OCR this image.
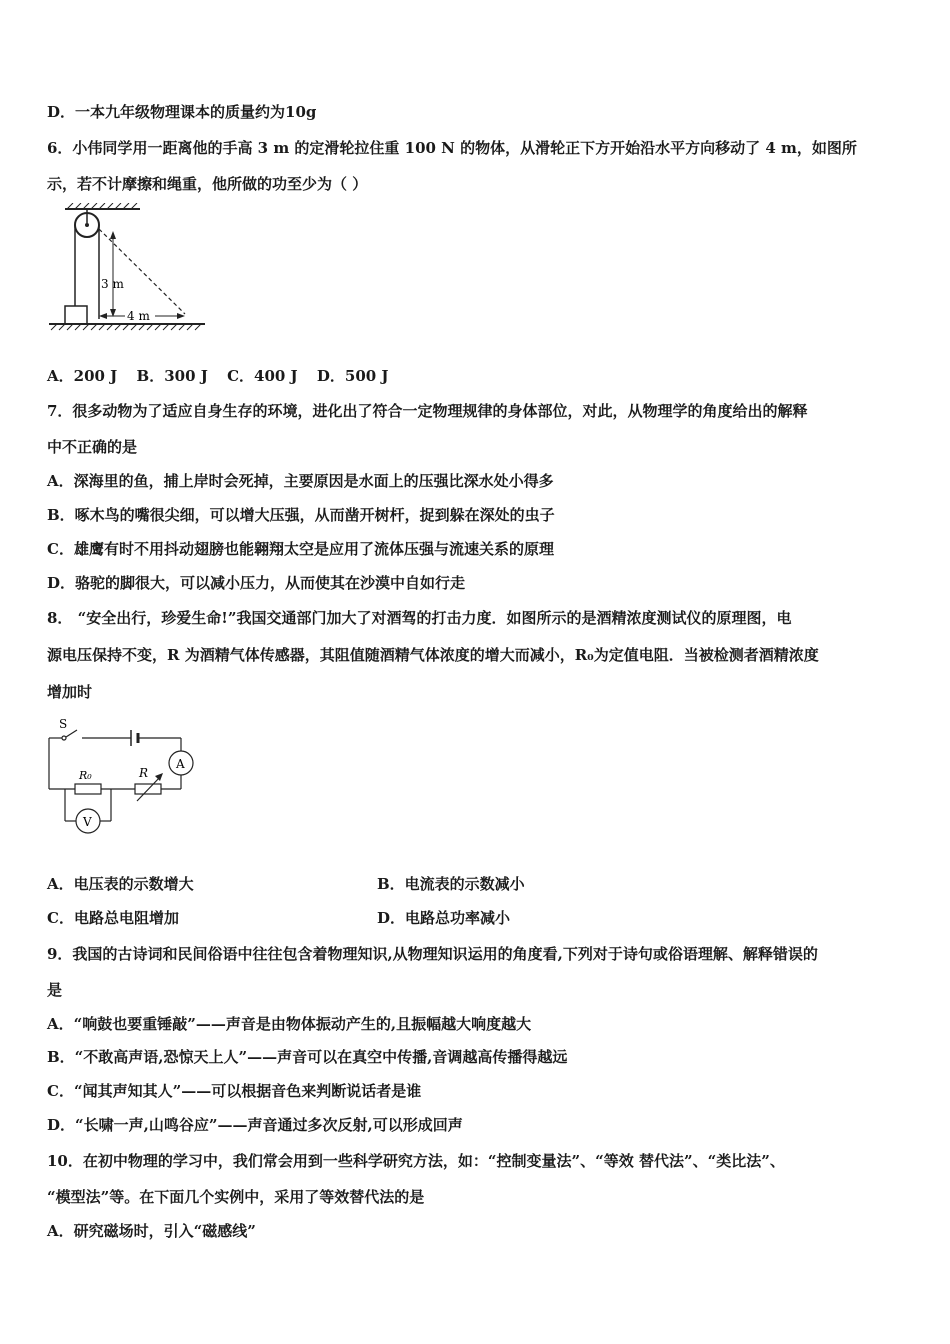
D．一本九年级物理课本的质量约为10g
6．小伟同学用一距离他的手高 3 m 的定滑轮拉住重 100 N 的物体，从滑轮正下方开始沿水平方向移动了 4 m，如图所
示，若不计摩擦和绳重，他所做的功至少为（ ）
3 m
4 m
A．200 J B．300 J C．400 J D．500 J
7．很多动物为了适应自身生存的环境，进化出了符合一定物理规律的身体部位，对此，从物理学的角度给出的解释
中不正确的是
A．深海里的鱼，捕上岸时会死掉，主要原因是水面上的压强比深水处小得多
B．啄木鸟的嘴很尖细，可以增大压强，从而凿开树杆，捉到躲在深处的虫子
C．雄鹰有时不用抖动翅膀也能翱翔太空是应用了流体压强与流速关系的原理
D．骆驼的脚很大，可以减小压力，从而使其在沙漠中自如行走
8． “安全出行，珍爱生命!”我国交通部门加大了对酒驾的打击力度．如图所示的是酒精浓度测试仪的原理图，电
源电压保持不变，R 为酒精气体传感器，其阻值随酒精气体浓度的增大而减小，R₀为定值电阻．当被检测者酒精浓度
增加时
S
A
R₀	R
V
A．电压表的示数增大	B．电流表的示数减小
C．电路总电阻增加	D．电路总功率减小
9．我国的古诗词和民间俗语中往往包含着物理知识,从物理知识运用的角度看,下列对于诗句或俗语理解、解释错误的
是
A．“响鼓也要重锤敲”——声音是由物体振动产生的,且振幅越大响度越大
B．“不敢高声语,恐惊天上人”——声音可以在真空中传播,音调越高传播得越远
C．“闻其声知其人”——可以根据音色来判断说话者是谁
D．“长啸一声,山鸣谷应”——声音通过多次反射,可以形成回声
10．在初中物理的学习中，我们常会用到一些科学研究方法，如：“控制变量法”、“等效 替代法”、“类比法”、
“模型法”等。在下面几个实例中，采用了等效替代法的是
A．研究磁场时，引入“磁感线”
